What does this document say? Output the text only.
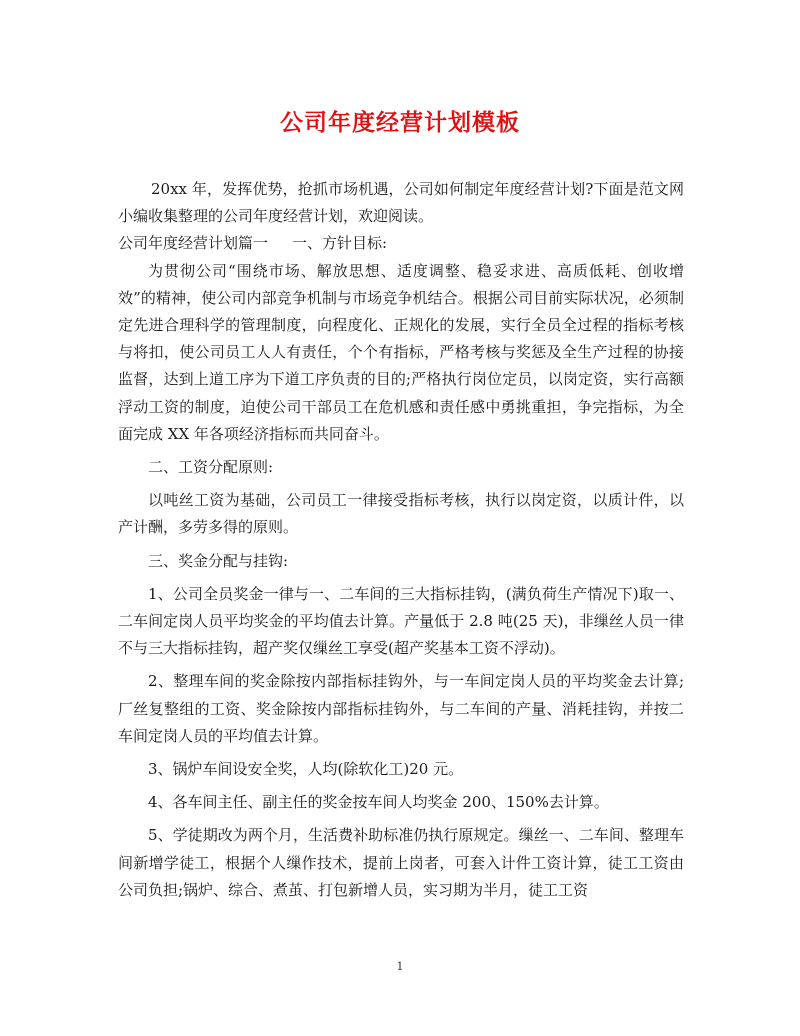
公司年度经营计划模板

20xx 年，发挥优势，抢抓市场机遇，公司如何制定年度经营计划?下面是范文网小编收集整理的公司年度经营计划，欢迎阅读。

公司年度经营计划篇一 一、方针目标:

为贯彻公司“围绕市场、解放思想、适度调整、稳妥求进、高质低耗、创收增效”的精神，使公司内部竞争机制与市场竞争机结合。根据公司目前实际状况，必须制定先进合理科学的管理制度，向程度化、正规化的发展，实行全员全过程的指标考核与将扣，使公司员工人人有责任，个个有指标，严格考核与奖惩及全生产过程的协接监督，达到上道工序为下道工序负责的目的;严格执行岗位定员，以岗定资，实行高额浮动工资的制度，迫使公司干部员工在危机感和责任感中勇挑重担，争完指标，为全面完成 XX 年各项经济指标而共同奋斗。

二、工资分配原则:

以吨丝工资为基础，公司员工一律接受指标考核，执行以岗定资，以质计件，以产计酬，多劳多得的原则。

三、奖金分配与挂钩:

1、公司全员奖金一律与一、二车间的三大指标挂钩，(满负荷生产情况下)取一、二车间定岗人员平均奖金的平均值去计算。产量低于 2.8 吨(25 天)，非缫丝人员一律不与三大指标挂钩，超产奖仅缫丝工享受(超产奖基本工资不浮动)。

2、整理车间的奖金除按内部指标挂钩外，与一车间定岗人员的平均奖金去计算;厂丝复整组的工资、奖金除按内部指标挂钩外，与二车间的产量、消耗挂钩，并按二车间定岗人员的平均值去计算。

3、锅炉车间设安全奖，人均(除软化工)20 元。

4、各车间主任、副主任的奖金按车间人均奖金 200、150%去计算。

5、学徒期改为两个月，生活费补助标准仍执行原规定。缫丝一、二车间、整理车间新增学徒工，根据个人缫作技术，提前上岗者，可套入计件工资计算，徒工工资由公司负担;锅炉、综合、煮茧、打包新增人员，实习期为半月，徒工工资

1
